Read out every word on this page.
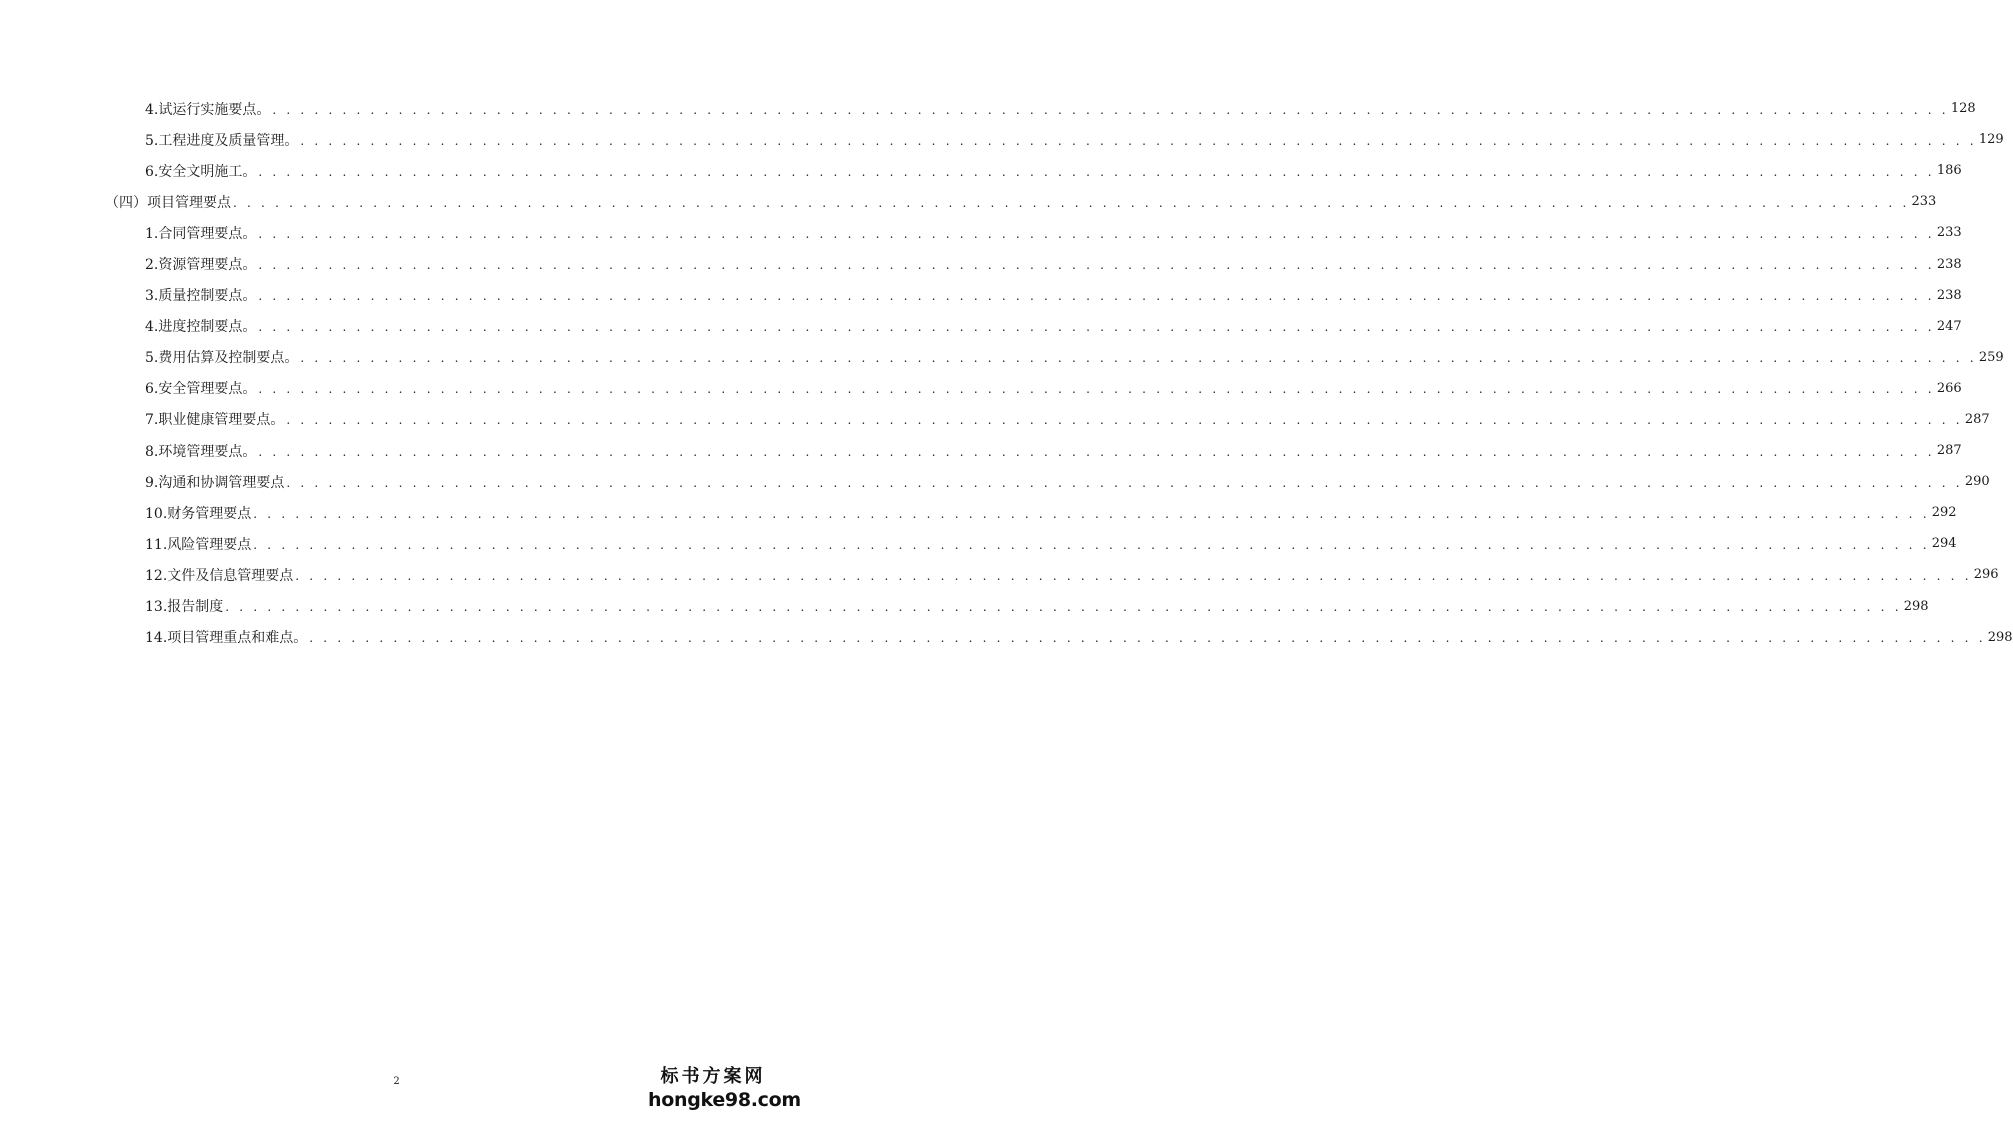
4.试运行实施要点。 . . . . . . . . . . . . . . . . . . . . . . . . . . . . . . . . . . . . . . . . . . . . . . . . . . . . . . . . . . . . . . . . . . . . . . . . . . . . . . . . . . . . . . . . . . . . . . . . . . . . . . . . . . . . . . . . . . . . . . . . 128
5.工程进度及质量管理。 . . . . . . . . . . . . . . . . . . . . . . . . . . . . . . . . . . . . . . . . . . . . . . . . . . . . . . . . . . . . . . . . . . . . . . . . . . . . . . . . . . . . . . . . . . . . . . . . . . . . . . . . . . . . . . . . . . . . . . . . 129
6.安全文明施工。 . . . . . . . . . . . . . . . . . . . . . . . . . . . . . . . . . . . . . . . . . . . . . . . . . . . . . . . . . . . . . . . . . . . . . . . . . . . . . . . . . . . . . . . . . . . . . . . . . . . . . . . . . . . . . . . . . . . . . . . . 186
（四）项目管理要点 . . . . . . . . . . . . . . . . . . . . . . . . . . . . . . . . . . . . . . . . . . . . . . . . . . . . . . . . . . . . . . . . . . . . . . . . . . . . . . . . . . . . . . . . . . . . . . . . . . . . . . . . . . . . . . . . . . . . . . . . 233
1.合同管理要点。 . . . . . . . . . . . . . . . . . . . . . . . . . . . . . . . . . . . . . . . . . . . . . . . . . . . . . . . . . . . . . . . . . . . . . . . . . . . . . . . . . . . . . . . . . . . . . . . . . . . . . . . . . . . . . . . . . . . . . . . . 233
2.资源管理要点。 . . . . . . . . . . . . . . . . . . . . . . . . . . . . . . . . . . . . . . . . . . . . . . . . . . . . . . . . . . . . . . . . . . . . . . . . . . . . . . . . . . . . . . . . . . . . . . . . . . . . . . . . . . . . . . . . . . . . . . . . 238
3.质量控制要点。 . . . . . . . . . . . . . . . . . . . . . . . . . . . . . . . . . . . . . . . . . . . . . . . . . . . . . . . . . . . . . . . . . . . . . . . . . . . . . . . . . . . . . . . . . . . . . . . . . . . . . . . . . . . . . . . . . . . . . . . . 238
4.进度控制要点。 . . . . . . . . . . . . . . . . . . . . . . . . . . . . . . . . . . . . . . . . . . . . . . . . . . . . . . . . . . . . . . . . . . . . . . . . . . . . . . . . . . . . . . . . . . . . . . . . . . . . . . . . . . . . . . . . . . . . . . . . 247
5.费用估算及控制要点。 . . . . . . . . . . . . . . . . . . . . . . . . . . . . . . . . . . . . . . . . . . . . . . . . . . . . . . . . . . . . . . . . . . . . . . . . . . . . . . . . . . . . . . . . . . . . . . . . . . . . . . . . . . . . . . . . . . . . . . . . 259
6.安全管理要点。 . . . . . . . . . . . . . . . . . . . . . . . . . . . . . . . . . . . . . . . . . . . . . . . . . . . . . . . . . . . . . . . . . . . . . . . . . . . . . . . . . . . . . . . . . . . . . . . . . . . . . . . . . . . . . . . . . . . . . . . . 266
7.职业健康管理要点。 . . . . . . . . . . . . . . . . . . . . . . . . . . . . . . . . . . . . . . . . . . . . . . . . . . . . . . . . . . . . . . . . . . . . . . . . . . . . . . . . . . . . . . . . . . . . . . . . . . . . . . . . . . . . . . . . . . . . . . . . 287
8.环境管理要点。 . . . . . . . . . . . . . . . . . . . . . . . . . . . . . . . . . . . . . . . . . . . . . . . . . . . . . . . . . . . . . . . . . . . . . . . . . . . . . . . . . . . . . . . . . . . . . . . . . . . . . . . . . . . . . . . . . . . . . . . . 287
9.沟通和协调管理要点 . . . . . . . . . . . . . . . . . . . . . . . . . . . . . . . . . . . . . . . . . . . . . . . . . . . . . . . . . . . . . . . . . . . . . . . . . . . . . . . . . . . . . . . . . . . . . . . . . . . . . . . . . . . . . . . . . . . . . . . . 290
10.财务管理要点 . . . . . . . . . . . . . . . . . . . . . . . . . . . . . . . . . . . . . . . . . . . . . . . . . . . . . . . . . . . . . . . . . . . . . . . . . . . . . . . . . . . . . . . . . . . . . . . . . . . . . . . . . . . . . . . . . . . . . . . . 292
11.风险管理要点 . . . . . . . . . . . . . . . . . . . . . . . . . . . . . . . . . . . . . . . . . . . . . . . . . . . . . . . . . . . . . . . . . . . . . . . . . . . . . . . . . . . . . . . . . . . . . . . . . . . . . . . . . . . . . . . . . . . . . . . . 294
12.文件及信息管理要点 . . . . . . . . . . . . . . . . . . . . . . . . . . . . . . . . . . . . . . . . . . . . . . . . . . . . . . . . . . . . . . . . . . . . . . . . . . . . . . . . . . . . . . . . . . . . . . . . . . . . . . . . . . . . . . . . . . . . . . . . 296
13.报告制度 . . . . . . . . . . . . . . . . . . . . . . . . . . . . . . . . . . . . . . . . . . . . . . . . . . . . . . . . . . . . . . . . . . . . . . . . . . . . . . . . . . . . . . . . . . . . . . . . . . . . . . . . . . . . . . . . . . . . . . . . 298
14.项目管理重点和难点。 . . . . . . . . . . . . . . . . . . . . . . . . . . . . . . . . . . . . . . . . . . . . . . . . . . . . . . . . . . . . . . . . . . . . . . . . . . . . . . . . . . . . . . . . . . . . . . . . . . . . . . . . . . . . . . . . . . . . . . . . 298
2	标书方案网
hongke98.com
